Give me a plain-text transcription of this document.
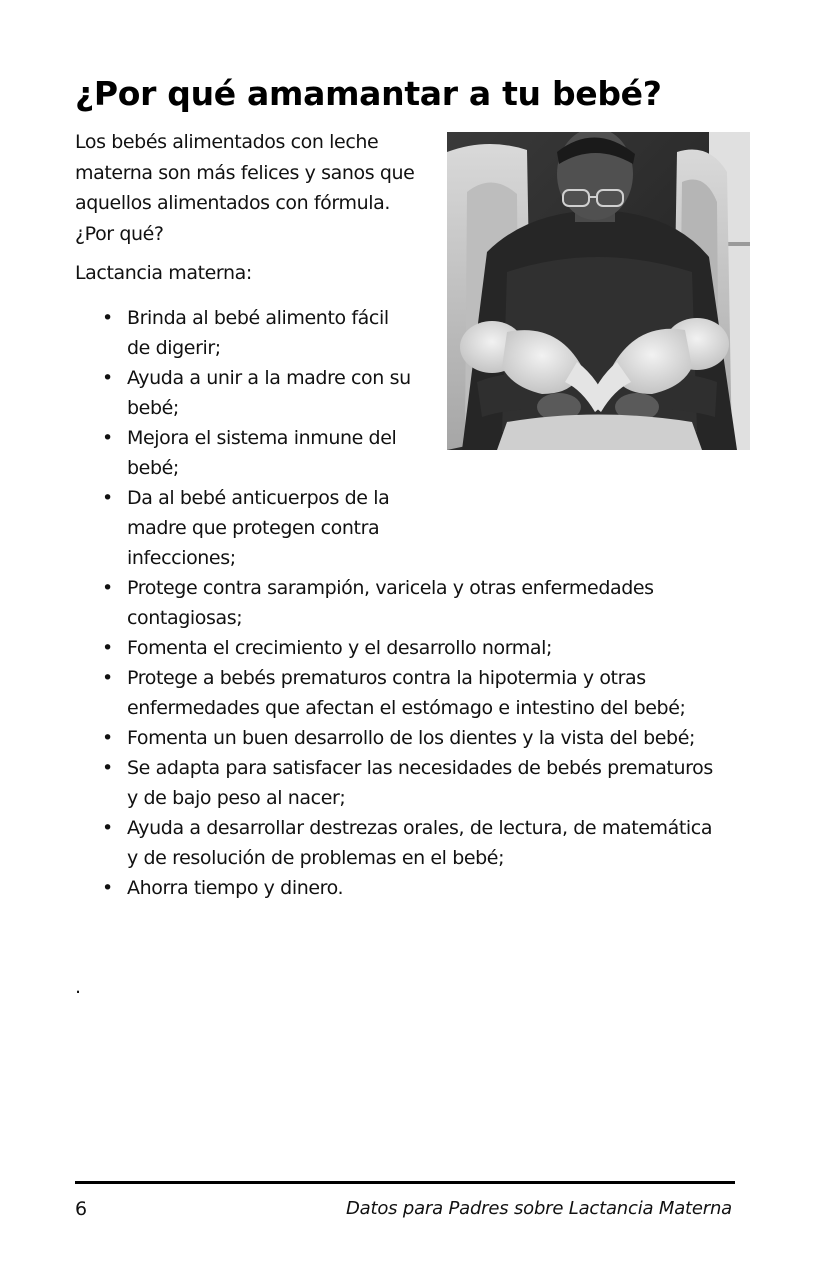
¿Por qué amamantar a tu bebé?

Los bebés alimentados con leche materna son más felices y sanos que aquellos alimentados con fórmula. ¿Por qué?

Lactancia materna:

• Brinda al bebé alimento fácil de digerir;
• Ayuda a unir a la madre con su bebé;
• Mejora el sistema inmune del bebé;
• Da al bebé anticuerpos de la madre que protegen contra infecciones;
• Protege contra sarampión, varicela y otras enfermedades contagiosas;
• Fomenta el crecimiento y el desarrollo normal;
• Protege a bebés prematuros contra la hipotermia y otras enfermedades que afectan el estómago e intestino del bebé;
• Fomenta un buen desarrollo de los dientes y la vista del bebé;
• Se adapta para satisfacer las necesidades de bebés prematuros y de bajo peso al nacer;
• Ayuda a desarrollar destrezas orales, de lectura, de matemática y de resolución de problemas en el bebé;
• Ahorra tiempo y dinero.
.
6	Datos para Padres sobre Lactancia Materna
